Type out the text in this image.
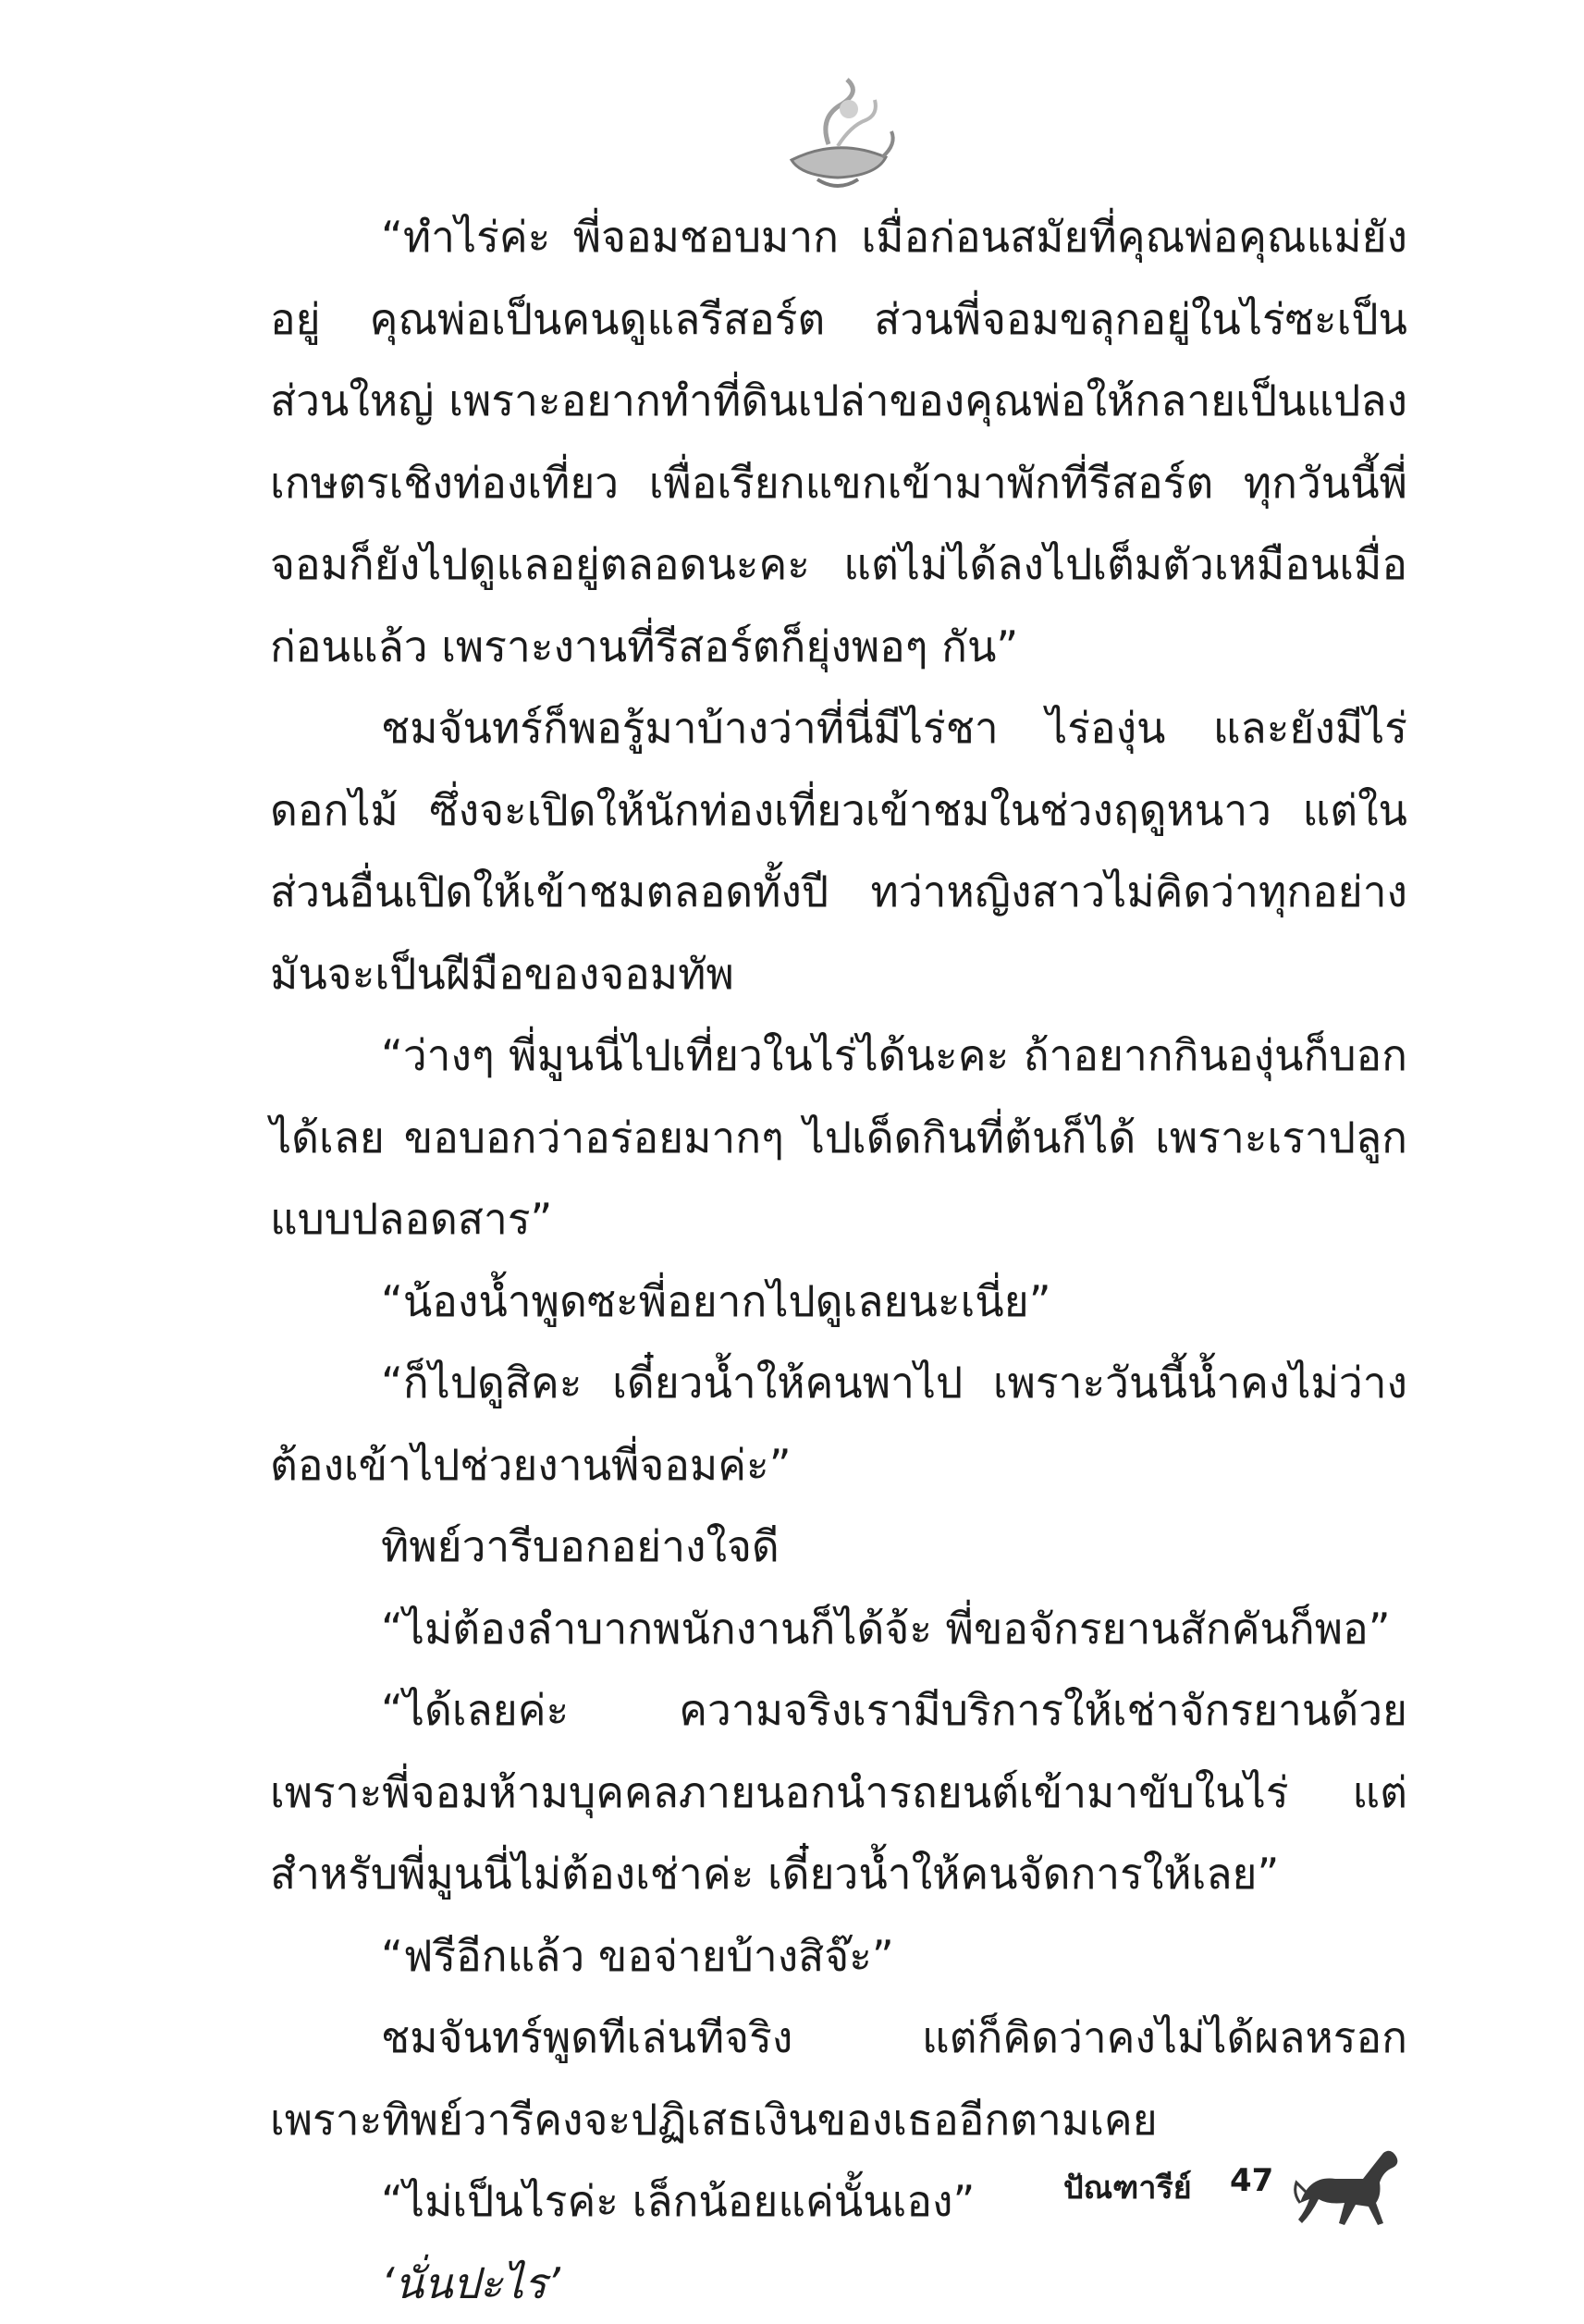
“ทำไร่ค่ะ พี่จอมชอบมาก เมื่อก่อนสมัยที่คุณพ่อคุณแม่ยังอยู่ คุณพ่อเป็นคนดูแลรีสอร์ต ส่วนพี่จอมขลุกอยู่ในไร่ซะเป็นส่วนใหญ่ เพราะอยากทำที่ดินเปล่าของคุณพ่อให้กลายเป็นแปลงเกษตรเชิงท่องเที่ยว เพื่อเรียกแขกเข้ามาพักที่รีสอร์ต ทุกวันนี้พี่จอมก็ยังไปดูแลอยู่ตลอดนะคะ แต่ไม่ได้ลงไปเต็มตัวเหมือนเมื่อก่อนแล้ว เพราะงานที่รีสอร์ตก็ยุ่งพอๆ กัน”

ชมจันทร์ก็พอรู้มาบ้างว่าที่นี่มีไร่ชา ไร่องุ่น และยังมีไร่ดอกไม้ ซึ่งจะเปิดให้นักท่องเที่ยวเข้าชมในช่วงฤดูหนาว แต่ในส่วนอื่นเปิดให้เข้าชมตลอดทั้งปี ทว่าหญิงสาวไม่คิดว่าทุกอย่างมันจะเป็นฝีมือของจอมทัพ

“ว่างๆ พี่มูนนี่ไปเที่ยวในไร่ได้นะคะ ถ้าอยากกินองุ่นก็บอกได้เลย ขอบอกว่าอร่อยมากๆ ไปเด็ดกินที่ต้นก็ได้ เพราะเราปลูกแบบปลอดสาร”

“น้องน้ำพูดซะพี่อยากไปดูเลยนะเนี่ย”

“ก็ไปดูสิคะ เดี๋ยวน้ำให้คนพาไป เพราะวันนี้น้ำคงไม่ว่าง ต้องเข้าไปช่วยงานพี่จอมค่ะ”

ทิพย์วารีบอกอย่างใจดี

“ไม่ต้องลำบากพนักงานก็ได้จ้ะ พี่ขอจักรยานสักคันก็พอ”

“ได้เลยค่ะ ความจริงเรามีบริการให้เช่าจักรยานด้วย เพราะพี่จอมห้ามบุคคลภายนอกนำรถยนต์เข้ามาขับในไร่ แต่สำหรับพี่มูนนี่ไม่ต้องเช่าค่ะ เดี๋ยวน้ำให้คนจัดการให้เลย”

“ฟรีอีกแล้ว ขอจ่ายบ้างสิจ๊ะ”

ชมจันทร์พูดทีเล่นทีจริง แต่ก็คิดว่าคงไม่ได้ผลหรอก เพราะทิพย์วารีคงจะปฏิเสธเงินของเธออีกตามเคย

“ไม่เป็นไรค่ะ เล็กน้อยแค่นั้นเอง”

‘นั่นปะไร’

ปัณฑารีย์ 47
